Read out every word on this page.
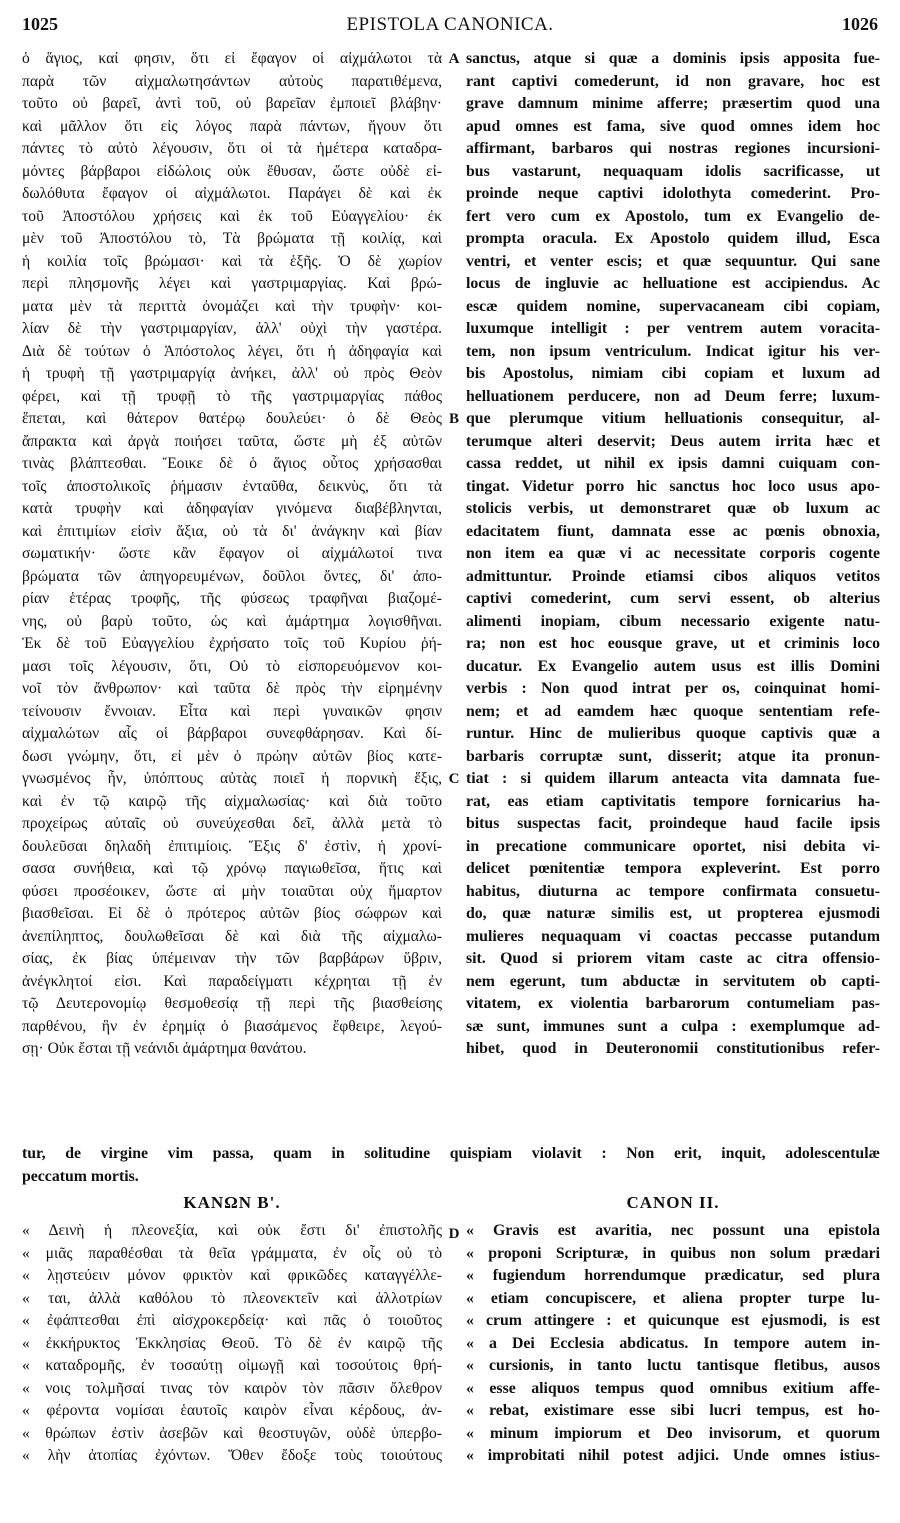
1025	EPISTOLA CANONICA.	1026
ὁ ἅγιος, καί φησιν, ὅτι εἰ ἔφαγον οἱ αἰχμάλωτοι τὰ
παρὰ τῶν αἰχμαλωτησάντων αὐτοὺς παρατιθέμενα,
τοῦτο οὐ βαρεῖ, ἀντὶ τοῦ, οὐ βαρεῖαν ἐμποιεῖ βλάβην·
καὶ μᾶλλον ὅτι εἰς λόγος παρὰ πάντων, ἤγουν ὅτι
πάντες τὸ αὐτὸ λέγουσιν, ὅτι οἱ τὰ ἡμέτερα καταδρα-
μόντες βάρβαροι εἰδώλοις οὐκ ἔθυσαν, ὥστε οὐδὲ εἰ-
δωλόθυτα ἔφαγον οἱ αἰχμάλωτοι. Παράγει δὲ καὶ ἐκ
τοῦ Ἀποστόλου χρήσεις καὶ ἐκ τοῦ Εὐαγγελίου· ἐκ
μὲν τοῦ Ἀποστόλου τὸ, Τὰ βρώματα τῇ κοιλίᾳ, καὶ
ἡ κοιλία τοῖς βρώμασι· καὶ τὰ ἑξῆς. Ὁ δὲ χωρίον
περὶ πλησμονῆς λέγει καὶ γαστριμαργίας. Καὶ βρώ-
ματα μὲν τὰ περιττὰ ὀνομάζει καὶ τὴν τρυφὴν· κοι-
λίαν δὲ τὴν γαστριμαργίαν, ἀλλ' οὐχὶ τὴν γαστέρα.
Διὰ δὲ τούτων ὁ Ἀπόστολος λέγει, ὅτι ἡ ἀδηφαγία καὶ
ἡ τρυφὴ τῇ γαστριμαργίᾳ ἀνήκει, ἀλλ' οὐ πρὸς Θεὸν
φέρει, καὶ τῇ τρυφῇ τὸ τῆς γαστριμαργίας πάθος
ἕπεται, καὶ θάτερον θατέρῳ δουλεύει· ὁ δὲ Θεὸς
ἄπρακτα καὶ ἀργὰ ποιήσει ταῦτα, ὥστε μὴ ἐξ αὐτῶν
τινὰς βλάπτεσθαι. Ἔοικε δὲ ὁ ἅγιος οὗτος χρήσασθαι
τοῖς ἀποστολικοῖς ῥήμασιν ἐνταῦθα, δεικνὺς, ὅτι τὰ
κατὰ τρυφὴν καὶ ἀδηφαγίαν γινόμενα διαβέβληνται,
καὶ ἐπιτιμίων εἰσὶν ἄξια, οὐ τὰ δι' ἀνάγκην καὶ βίαν
σωματικήν· ὥστε κἂν ἔφαγον οἱ αἰχμάλωτοί τινα
βρώματα τῶν ἀπηγορευμένων, δοῦλοι ὄντες, δι' ἀπο-
ρίαν ἑτέρας τροφῆς, τῆς φύσεως τραφῆναι βιαζομέ-
νης, οὐ βαρὺ τοῦτο, ὡς καὶ ἁμάρτημα λογισθῆναι.
Ἐκ δὲ τοῦ Εὐαγγελίου ἐχρήσατο τοῖς τοῦ Κυρίου ῥή-
μασι τοῖς λέγουσιν, ὅτι, Οὐ τὸ εἰσπορευόμενον κοι-
νοῖ τὸν ἄνθρωπον· καὶ ταῦτα δὲ πρὸς τὴν εἰρημένην
τείνουσιν ἔννοιαν. Εἶτα καὶ περὶ γυναικῶν φησιν
αἰχμαλώτων αἷς οἱ βάρβαροι συνεφθάρησαν. Καὶ δί-
δωσι γνώμην, ὅτι, εἰ μὲν ὁ πρώην αὐτῶν βίος κατε-
γνωσμένος ἦν, ὑπόπτους αὐτὰς ποιεῖ ἡ πορνικὴ ἕξις,
καὶ ἐν τῷ καιρῷ τῆς αἰχμαλωσίας· καὶ διὰ τοῦτο
προχείρως αὐταῖς οὐ συνεύχεσθαι δεῖ, ἀλλὰ μετὰ τὸ
δουλεῦσαι δηλαδὴ ἐπιτιμίοις. Ἕξις δ' ἐστὶν, ἡ χρονί-
σασα συνήθεια, καὶ τῷ χρόνῳ παγιωθεῖσα, ἥτις καὶ
φύσει προσέοικεν, ὥστε αἱ μὴν τοιαῦται οὐχ ἥμαρτον
βιασθεῖσαι. Εἰ δὲ ὁ πρότερος αὐτῶν βίος σώφρων καὶ
ἀνεπίληπτος, δουλωθεῖσαι δὲ καὶ διὰ τῆς αἰχμαλω-
σίας, ἐκ βίας ὑπέμειναν τὴν τῶν βαρβάρων ὕβριν,
ἀνέγκλητοί εἰσι. Καὶ παραδείγματι κέχρηται τῇ ἐν
τῷ Δευτερονομίῳ θεσμοθεσίᾳ τῇ περὶ τῆς βιασθείσης
παρθένου, ἣν ἐν ἐρημίᾳ ὁ βιασάμενος ἔφθειρε, λεγού-
σῃ· Οὐκ ἔσται τῇ νεάνιδι ἁμάρτημα θανάτου.
sanctus, atque si quæ a dominis ipsis apposita fue-
rant captivi comederunt, id non gravare, hoc est
grave damnum minime afferre; præsertim quod una
apud omnes est fama, sive quod omnes idem hoc
affirmant, barbaros qui nostras regiones incursioni-
bus vastarunt, nequaquam idolis sacrificasse, ut
proinde neque captivi idolothyta comederint. Pro-
fert vero cum ex Apostolo, tum ex Evangelio de-
prompta oracula. Ex Apostolo quidem illud, Esca
ventri, et venter escis; et quæ sequuntur. Qui sane
locus de ingluvie ac helluatione est accipiendus. Ac
escæ quidem nomine, supervacaneam cibi copiam,
luxumque intelligit : per ventrem autem voracita-
tem, non ipsum ventriculum. Indicat igitur his ver-
bis Apostolus, nimiam cibi copiam et luxum ad
helluationem perducere, non ad Deum ferre; luxum-
que plerumque vitium helluationis consequitur, al-
terumque alteri deservit; Deus autem irrita hæc et
cassa reddet, ut nihil ex ipsis damni cuiquam con-
tingat. Videtur porro hic sanctus hoc loco usus apo-
stolicis verbis, ut demonstraret quæ ob luxum ac
edacitatem fiunt, damnata esse ac pœnis obnoxia,
non item ea quæ vi ac necessitate corporis cogente
admittuntur. Proinde etiamsi cibos aliquos vetitos
captivi comederint, cum servi essent, ob alterius
alimenti inopiam, cibum necessario exigente natu-
ra; non est hoc eousque grave, ut et criminis loco
ducatur. Ex Evangelio autem usus est illis Domini
verbis : Non quod intrat per os, coinquinat homi-
nem; et ad eamdem hæc quoque sententiam refe-
runtur. Hinc de mulieribus quoque captivis quæ a
barbaris corruptæ sunt, disserit; atque ita pronun-
tiat : si quidem illarum anteacta vita damnata fue-
rat, eas etiam captivitatis tempore fornicarius ha-
bitus suspectas facit, proindeque haud facile ipsis
in precatione communicare oportet, nisi debita vi-
delicet pœnitentiæ tempora expleverint. Est porro
habitus, diuturna ac tempore confirmata consuetu-
do, quæ naturæ similis est, ut propterea ejusmodi
mulieres nequaquam vi coactas peccasse putandum
sit. Quod si priorem vitam caste ac citra offensio-
nem egerunt, tum abductæ in servitutem ob capti-
vitatem, ex violentia barbarorum contumeliam pas-
sæ sunt, immunes sunt a culpa : exemplumque ad-
hibet, quod in Deuteronomii constitutionibus refer-
A
B
C
D
tur, de virgine vim passa, quam in solitudine quispiam violavit : Non erit, inquit, adolescentulæ
peccatum mortis.
ΚΑΝΩΝ Β'.	CANON II.
« Δεινὴ ἡ πλεονεξία, καὶ οὐκ ἔστι δι' ἐπιστολῆς
« μιᾶς παραθέσθαι τὰ θεῖα γράμματα, ἐν οἷς οὐ τὸ
« λῃστεύειν μόνον φρικτὸν καὶ φρικῶδες καταγγέλλε-
« ται, ἀλλὰ καθόλου τὸ πλεονεκτεῖν καὶ ἀλλοτρίων
« ἐφάπτεσθαι ἐπὶ αἰσχροκερδείᾳ· καὶ πᾶς ὁ τοιοῦτος
« ἐκκήρυκτος Ἐκκλησίας Θεοῦ. Τὸ δὲ ἐν καιρῷ τῆς
« καταδρομῆς, ἐν τοσαύτῃ οἰμωγῇ καὶ τοσούτοις θρή-
« νοις τολμῆσαί τινας τὸν καιρὸν τὸν πᾶσιν ὄλεθρον
« φέροντα νομίσαι ἑαυτοῖς καιρὸν εἶναι κέρδους, ἀν-
« θρώπων ἐστὶν ἀσεβῶν καὶ θεοστυγῶν, οὐδὲ ὑπερβο-
« λὴν ἀτοπίας ἐχόντων. Ὅθεν ἔδοξε τοὺς τοιούτους
« Gravis est avaritia, nec possunt una epistola
« proponi Scripturæ, in quibus non solum prædari
« fugiendum horrendumque prædicatur, sed plura
« etiam concupiscere, et aliena propter turpe lu-
« crum attingere : et quicunque est ejusmodi, is est
« a Dei Ecclesia abdicatus. In tempore autem in-
« cursionis, in tanto luctu tantisque fletibus, ausos
« esse aliquos tempus quod omnibus exitium affe-
« rebat, existimare esse sibi lucri tempus, est ho-
« minum impiorum et Deo invisorum, et quorum
« improbitati nihil potest adjici. Unde omnes istius-
